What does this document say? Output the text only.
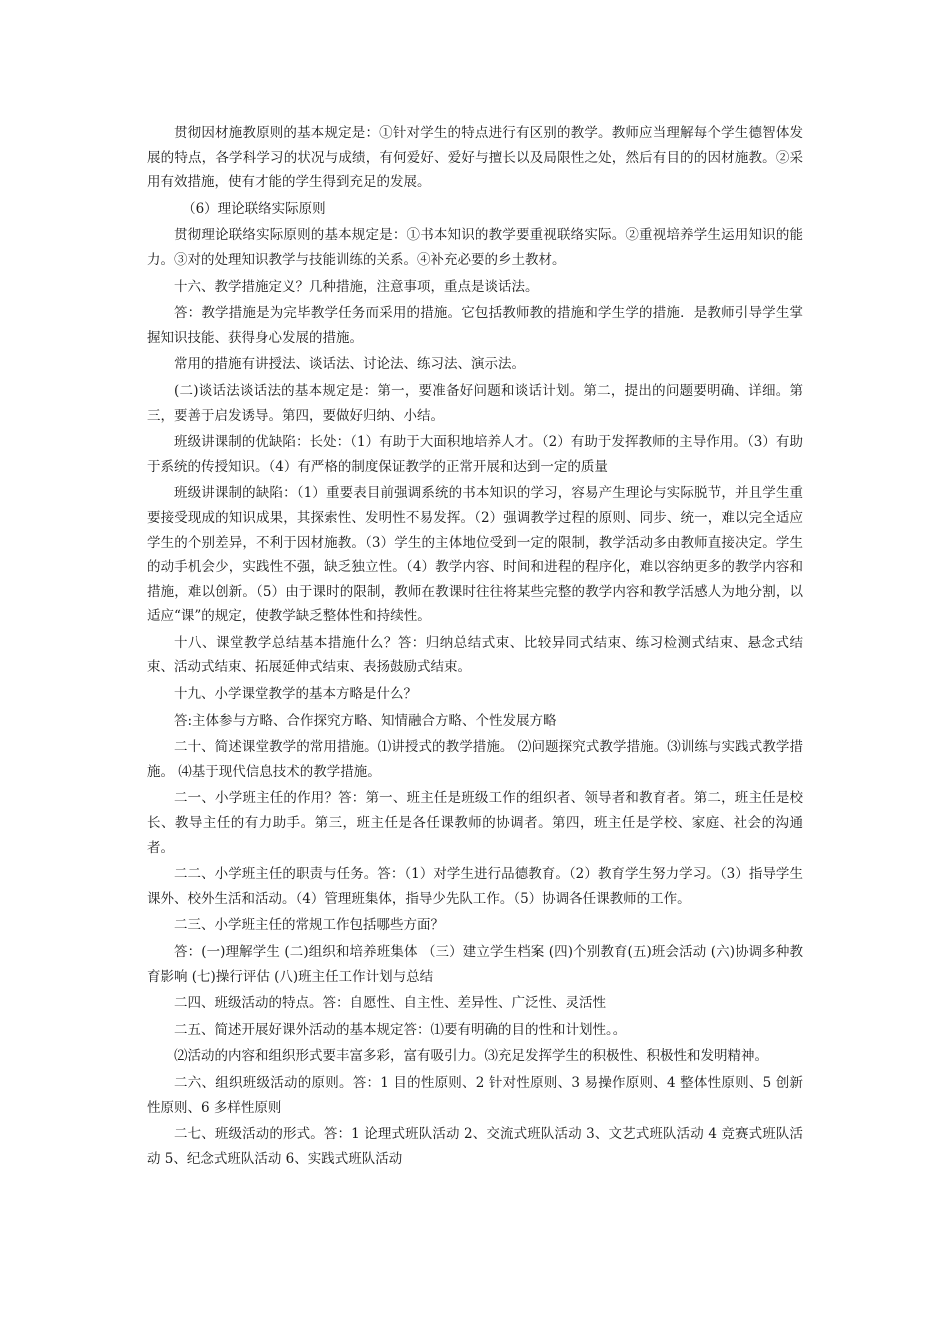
贯彻因材施教原则的基本规定是：①针对学生的特点进行有区别的教学。教师应当理解每个学生德智体发展的特点，各学科学习的状况与成绩，有何爱好、爱好与擅长以及局限性之处，然后有目的的因材施教。②采用有效措施，使有才能的学生得到充足的发展。

（6）理论联络实际原则

贯彻理论联络实际原则的基本规定是：①书本知识的教学要重视联络实际。②重视培养学生运用知识的能力。③对的处理知识教学与技能训练的关系。④补充必要的乡土教材。

十六、教学措施定义？几种措施，注意事项，重点是谈话法。

答：教学措施是为完毕教学任务而采用的措施。它包括教师教的措施和学生学的措施．是教师引导学生掌握知识技能、获得身心发展的措施。

常用的措施有讲授法、谈话法、讨论法、练习法、演示法。

(二)谈话法谈话法的基本规定是：第一，要准备好问题和谈话计划。第二，提出的问题要明确、详细。第三，要善于启发诱导。第四，要做好归纳、小结。

班级讲课制的优缺陷：长处：（1）有助于大面积地培养人才。（2）有助于发挥教师的主导作用。（3）有助于系统的传授知识。（4）有严格的制度保证教学的正常开展和达到一定的质量

班级讲课制的缺陷：（1）重要表目前强调系统的书本知识的学习，容易产生理论与实际脱节，并且学生重要接受现成的知识成果，其探索性、发明性不易发挥。（2）强调教学过程的原则、同步、统一，难以完全适应学生的个别差异，不利于因材施教。（3）学生的主体地位受到一定的限制，教学活动多由教师直接决定。学生的动手机会少，实践性不强，缺乏独立性。（4）教学内容、时间和进程的程序化，难以容纳更多的教学内容和措施，难以创新。（5）由于课时的限制，教师在教课时往往将某些完整的教学内容和教学活感人为地分割，以适应“课”的规定，使教学缺乏整体性和持续性。

十八、课堂教学总结基本措施什么？答：归纳总结式束、比较异同式结束、练习检测式结束、悬念式结束、活动式结束、拓展延伸式结束、表扬鼓励式结束。

十九、小学课堂教学的基本方略是什么？

答:主体参与方略、合作探究方略、知情融合方略、个性发展方略

二十、简述课堂教学的常用措施。⑴讲授式的教学措施。 ⑵问题探究式教学措施。⑶训练与实践式教学措施。 ⑷基于现代信息技术的教学措施。

二一、小学班主任的作用？答：第一、班主任是班级工作的组织者、领导者和教育者。第二，班主任是校长、教导主任的有力助手。第三，班主任是各任课教师的协调者。第四，班主任是学校、家庭、社会的沟通者。

二二、小学班主任的职责与任务。答：（1）对学生进行品德教育。（2）教育学生努力学习。（3）指导学生课外、校外生活和活动。（4）管理班集体，指导少先队工作。（5）协调各任课教师的工作。

二三、小学班主任的常规工作包括哪些方面？

答：(一)理解学生 (二)组织和培养班集体 （三）建立学生档案 (四)个别教育(五)班会活动 (六)协调多种教育影响 (七)操行评估 (八)班主任工作计划与总结

二四、班级活动的特点。答：自愿性、自主性、差异性、广泛性、灵活性

二五、简述开展好课外活动的基本规定答：⑴要有明确的目的性和计划性。。

⑵活动的内容和组织形式要丰富多彩，富有吸引力。⑶充足发挥学生的积极性、积极性和发明精神。

二六、组织班级活动的原则。答：1 目的性原则、2 针对性原则、3 易操作原则、4 整体性原则、5 创新性原则、6 多样性原则

二七、班级活动的形式。答：1 论理式班队活动 2、交流式班队活动 3、文艺式班队活动 4 竞赛式班队活动 5、纪念式班队活动 6、实践式班队活动
